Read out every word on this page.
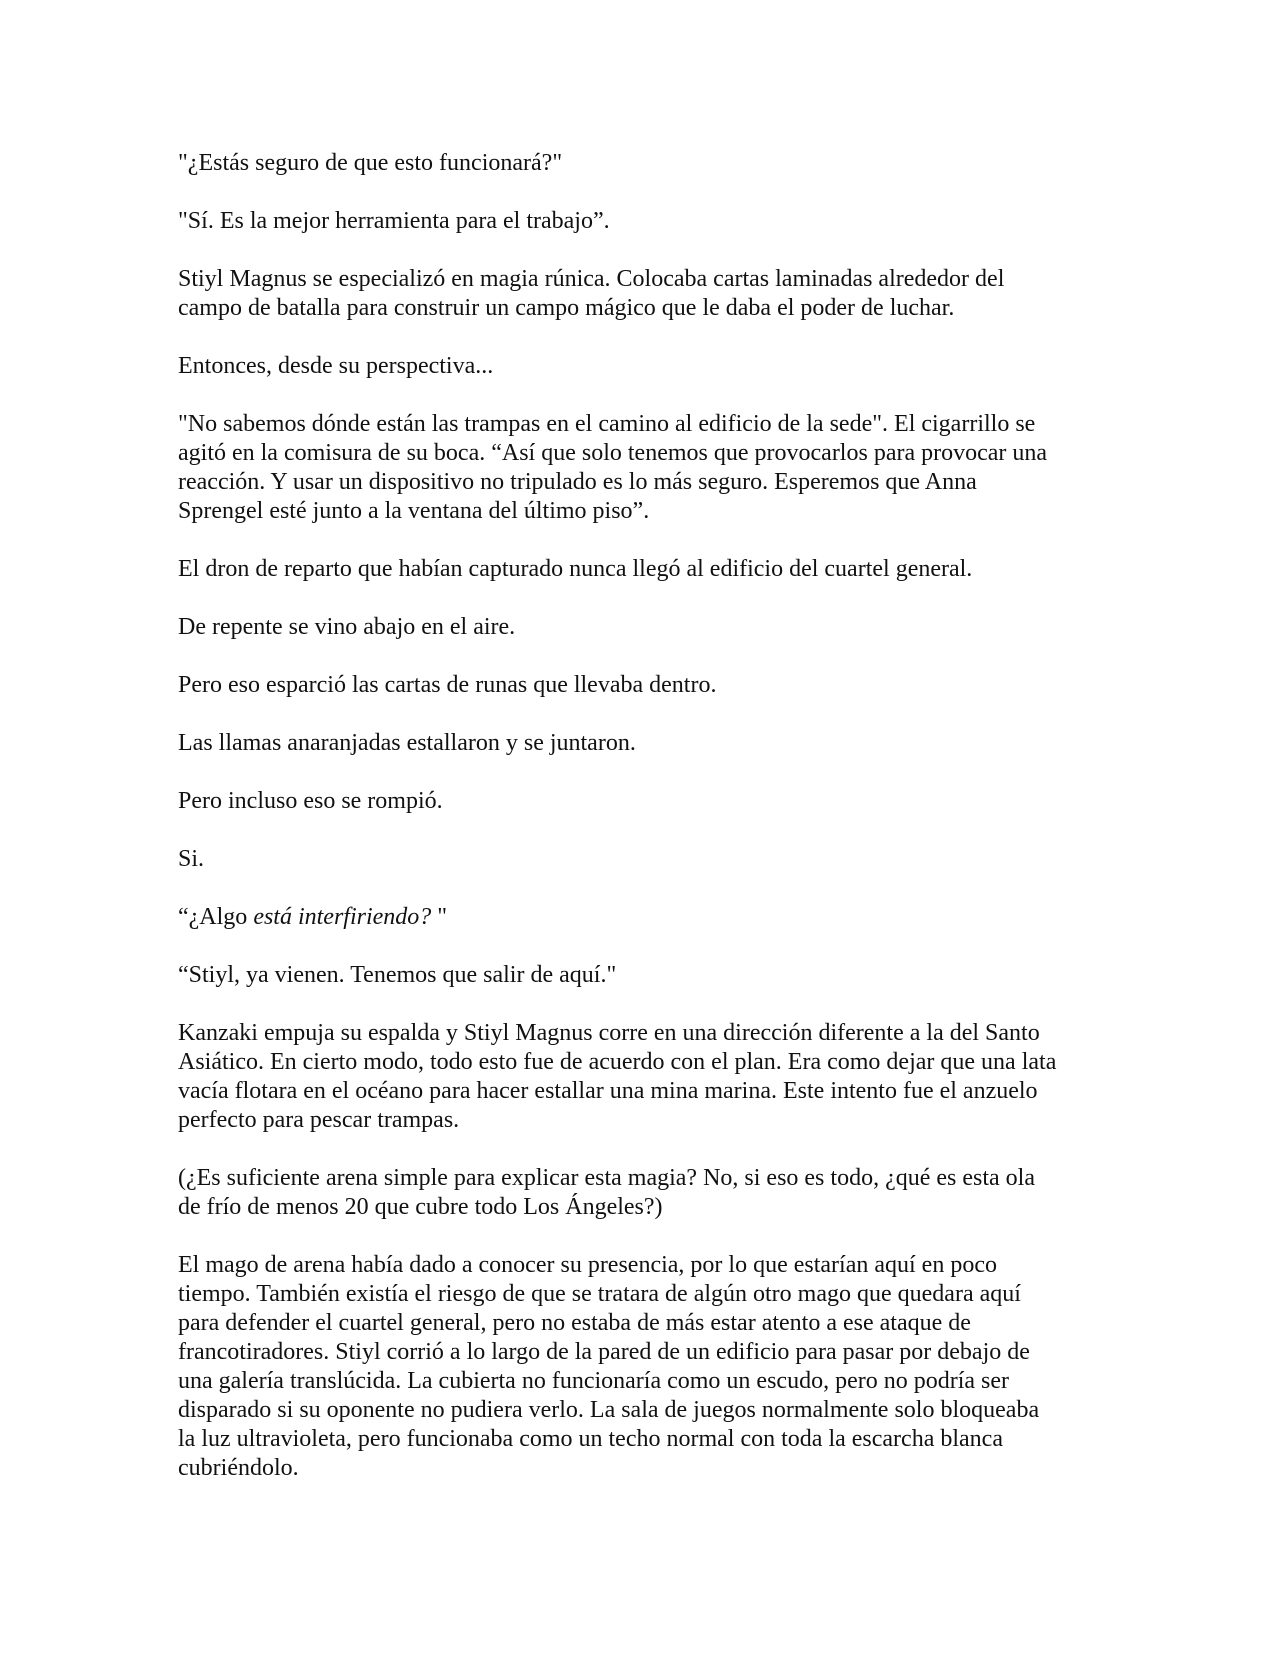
"¿Estás seguro de que esto funcionará?"

"Sí. Es la mejor herramienta para el trabajo”.

Stiyl Magnus se especializó en magia rúnica. Colocaba cartas laminadas alrededor del
campo de batalla para construir un campo mágico que le daba el poder de luchar.

Entonces, desde su perspectiva...

"No sabemos dónde están las trampas en el camino al edificio de la sede". El cigarrillo se
agitó en la comisura de su boca. “Así que solo tenemos que provocarlos para provocar una
reacción. Y usar un dispositivo no tripulado es lo más seguro. Esperemos que Anna
Sprengel esté junto a la ventana del último piso”.

El dron de reparto que habían capturado nunca llegó al edificio del cuartel general.

De repente se vino abajo en el aire.

Pero eso esparció las cartas de runas que llevaba dentro.

Las llamas anaranjadas estallaron y se juntaron.

Pero incluso eso se rompió.

Si.

“¿Algo está interfiriendo? "

“Stiyl, ya vienen. Tenemos que salir de aquí."

Kanzaki empuja su espalda y Stiyl Magnus corre en una dirección diferente a la del Santo
Asiático. En cierto modo, todo esto fue de acuerdo con el plan. Era como dejar que una lata
vacía flotara en el océano para hacer estallar una mina marina. Este intento fue el anzuelo
perfecto para pescar trampas.

(¿Es suficiente arena simple para explicar esta magia? No, si eso es todo, ¿qué es esta ola
de frío de menos 20 que cubre todo Los Ángeles?)

El mago de arena había dado a conocer su presencia, por lo que estarían aquí en poco
tiempo. También existía el riesgo de que se tratara de algún otro mago que quedara aquí
para defender el cuartel general, pero no estaba de más estar atento a ese ataque de
francotiradores. Stiyl corrió a lo largo de la pared de un edificio para pasar por debajo de
una galería translúcida. La cubierta no funcionaría como un escudo, pero no podría ser
disparado si su oponente no pudiera verlo. La sala de juegos normalmente solo bloqueaba
la luz ultravioleta, pero funcionaba como un techo normal con toda la escarcha blanca
cubriéndolo.
